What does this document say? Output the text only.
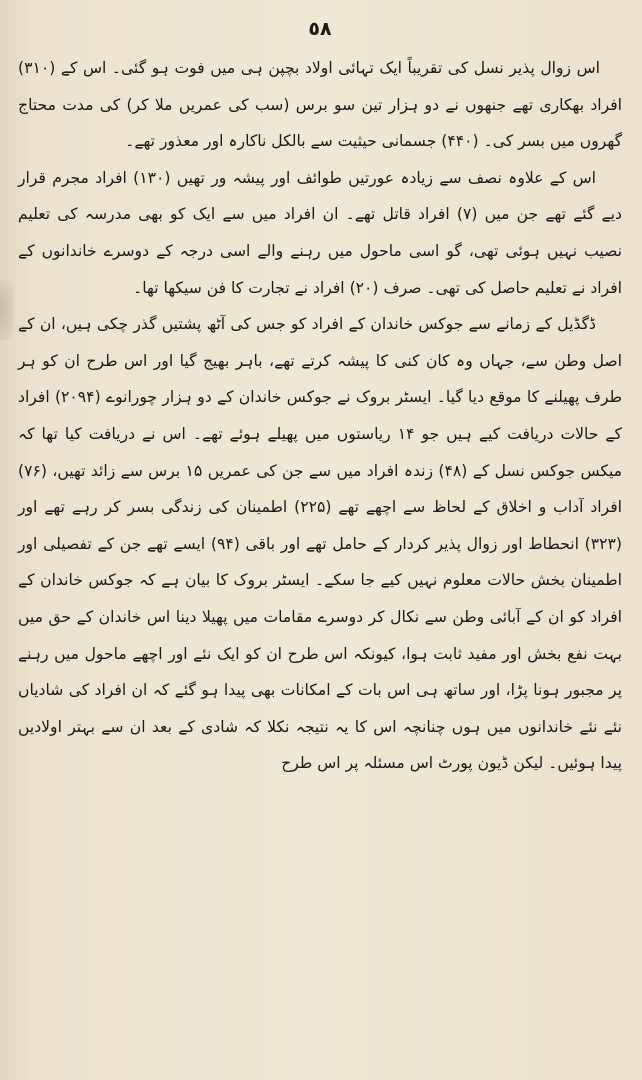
٥٨

اس زوال پذیر نسل کی تقریباً ایک تہائی اولاد بچپن ہی میں فوت ہو گئی۔ اس کے (۳۱۰) افراد بھکاری تھے جنھوں نے دو ہزار تین سو برس (سب کی عمریں ملا کر) کی مدت محتاج گھروں میں بسر کی۔ (۴۴۰) جسمانی حیثیت سے بالکل ناکارہ اور معذور تھے۔

اس کے علاوہ نصف سے زیادہ عورتیں طوائف اور پیشہ ور تھیں (۱۳۰) افراد مجرم قرار دیے گئے تھے جن میں (۷) افراد قاتل تھے۔ ان افراد میں سے ایک کو بھی مدرسہ کی تعلیم نصیب نہیں ہوئی تھی، گو اسی ماحول میں رہنے والے اسی درجہ کے دوسرے خاندانوں کے افراد نے تعلیم حاصل کی تھی۔ صرف (۲۰) افراد نے تجارت کا فن سیکھا تھا۔

ڈگڈیل کے زمانے سے جوکس خاندان کے افراد کو جس کی آٹھ پشتیں گذر چکی ہیں، ان کے اصل وطن سے، جہاں وہ کان کنی کا پیشہ کرتے تھے، باہر بھیج گیا اور اس طرح ان کو ہر طرف پھیلنے کا موقع دیا گیا۔ ایسٹر بروک نے جوکس خاندان کے دو ہزار چورانوے (۲۰۹۴) افراد کے حالات دریافت کیے ہیں جو ۱۴ ریاستوں میں پھیلے ہوئے تھے۔ اس نے دریافت کیا تھا کہ میکس جوکس نسل کے (۴۸) زندہ افراد میں سے جن کی عمریں ۱۵ برس سے زائد تھیں، (۷۶) افراد آداب و اخلاق کے لحاظ سے اچھے تھے (۲۲۵) اطمینان کی زندگی بسر کر رہے تھے اور (۳۲۳) انحطاط اور زوال پذیر کردار کے حامل تھے اور باقی (۹۴) ایسے تھے جن کے تفصیلی اور اطمینان بخش حالات معلوم نہیں کیے جا سکے۔ ایسٹر بروک کا بیان ہے کہ جوکس خاندان کے افراد کو ان کے آبائی وطن سے نکال کر دوسرے مقامات میں پھیلا دینا اس خاندان کے حق میں بہت نفع بخش اور مفید ثابت ہوا، کیونکہ اس طرح ان کو ایک نئے اور اچھے ماحول میں رہنے پر مجبور ہونا پڑا، اور ساتھ ہی اس بات کے امکانات بھی پیدا ہو گئے کہ ان افراد کی شادیاں نئے نئے خاندانوں میں ہوں چنانچہ اس کا یہ نتیجہ نکلا کہ شادی کے بعد ان سے بہتر اولادیں پیدا ہوئیں۔ لیکن ڈیون پورٹ اس مسئلہ پر اس طرح
